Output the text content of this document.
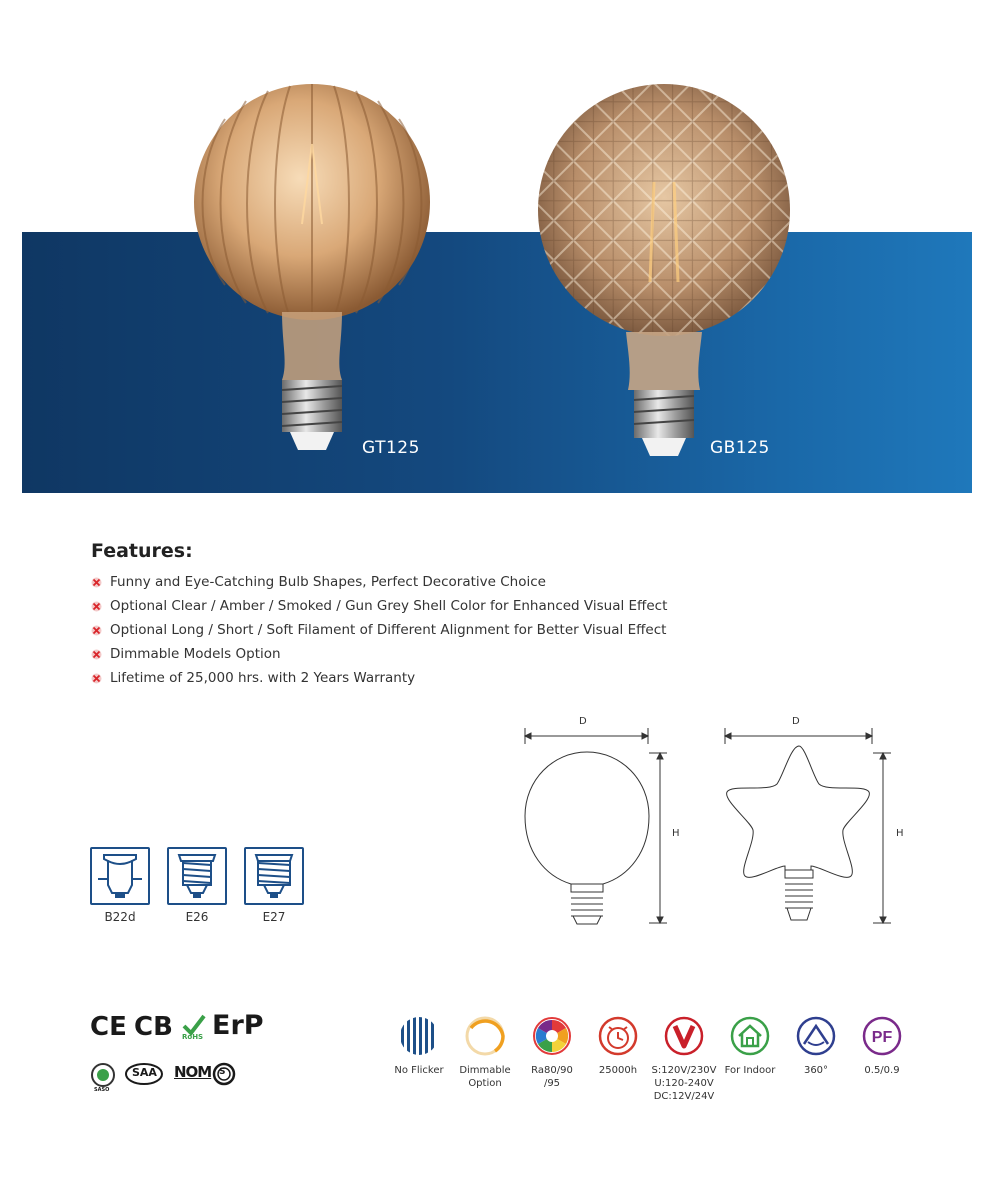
GT125	GB125
Features:
Funny and Eye-Catching Bulb Shapes, Perfect Decorative Choice
Optional Clear / Amber / Smoked / Gun Grey Shell Color for Enhanced Visual Effect
Optional Long / Short / Soft Filament of Different Alignment for Better Visual Effect
Dimmable Models Option
Lifetime of 25,000 hrs. with 2 Years Warranty
D
H
D
H
B22d	E26	E27
CE CB RoHS ErP
SASO
SAA NOM S	No Flicker	Dimmable
Option
Ra80/90
/95
25000h	S:120V/230V
U:120-240V
DC:12V/24V
For Indoor	360°
PF
0.5/0.9
